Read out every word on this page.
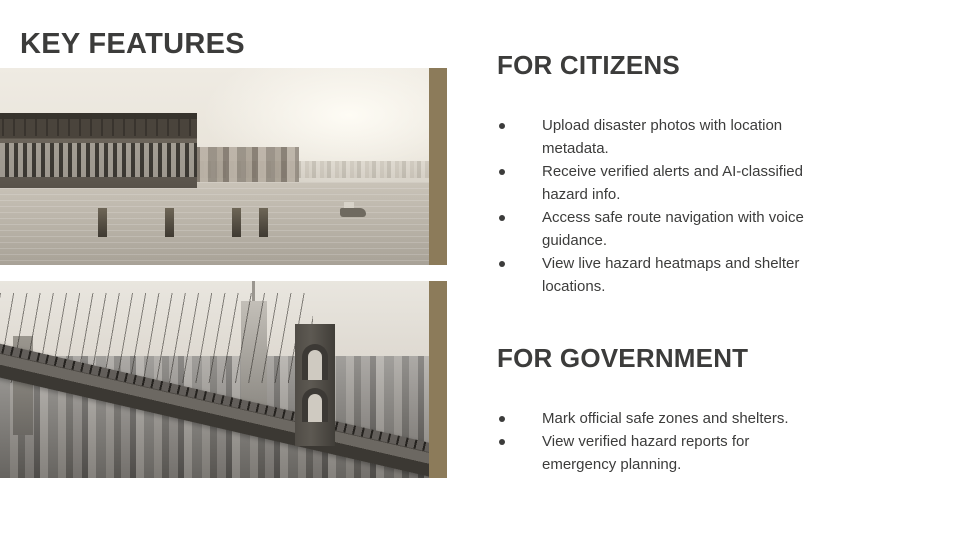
KEY FEATURES
FOR CITIZENS
Upload disaster photos with location metadata.
Receive verified alerts and AI-classified hazard info.
Access safe route navigation with voice guidance.
View live hazard heatmaps and shelter locations.
FOR GOVERNMENT
Mark official safe zones and shelters.
View verified hazard reports for emergency planning.
